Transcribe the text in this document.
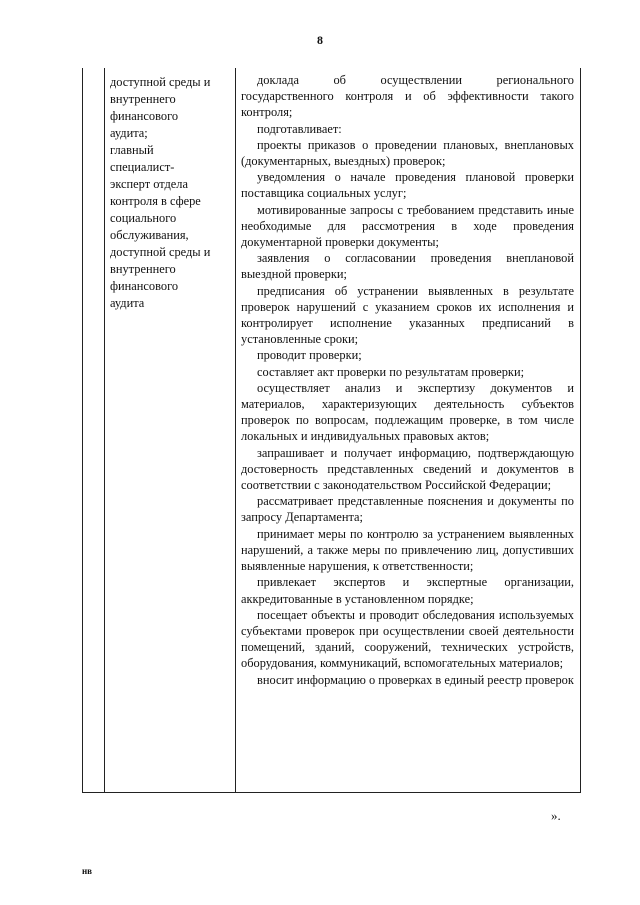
8
доступной среды и
внутреннего
финансового
аудита;
главный
специалист-
эксперт отдела
контроля в сфере
социального
обслуживания,
доступной среды и
внутреннего
финансового
аудита

доклада об осуществлении регионального государственного контроля и об эффективности такого контроля;

подготавливает:

проекты приказов о проведении плановых, внеплановых (документарных, выездных) проверок;

уведомления о начале проведения плановой проверки поставщика социальных услуг;

мотивированные запросы с требованием представить иные необходимые для рассмотрения в ходе проведения документарной проверки документы;

заявления о согласовании проведения внеплановой выездной проверки;

предписания об устранении выявленных в результате проверок нарушений с указанием сроков их исполнения и контролирует исполнение указанных предписаний в установленные сроки;

проводит проверки;

составляет акт проверки по результатам проверки;

осуществляет анализ и экспертизу документов и материалов, характеризующих деятельность субъектов проверок по вопросам, подлежащим проверке, в том числе локальных и индивидуальных правовых актов;

запрашивает и получает информацию, подтверждающую достоверность представленных сведений и документов в соответствии с законодательством Российской Федерации;

рассматривает представленные пояснения и документы по запросу Департамента;

принимает меры по контролю за устранением выявленных нарушений, а также меры по привлечению лиц, допустивших выявленные нарушения, к ответственности;

привлекает экспертов и экспертные организации, аккредитованные в установленном порядке;

посещает объекты и проводит обследования используемых субъектами проверок при осуществлении своей деятельности помещений, зданий, сооружений, технических устройств, оборудования, коммуникаций, вспомогательных материалов;

вносит информацию о проверках в единый реестр проверок

».
нв
